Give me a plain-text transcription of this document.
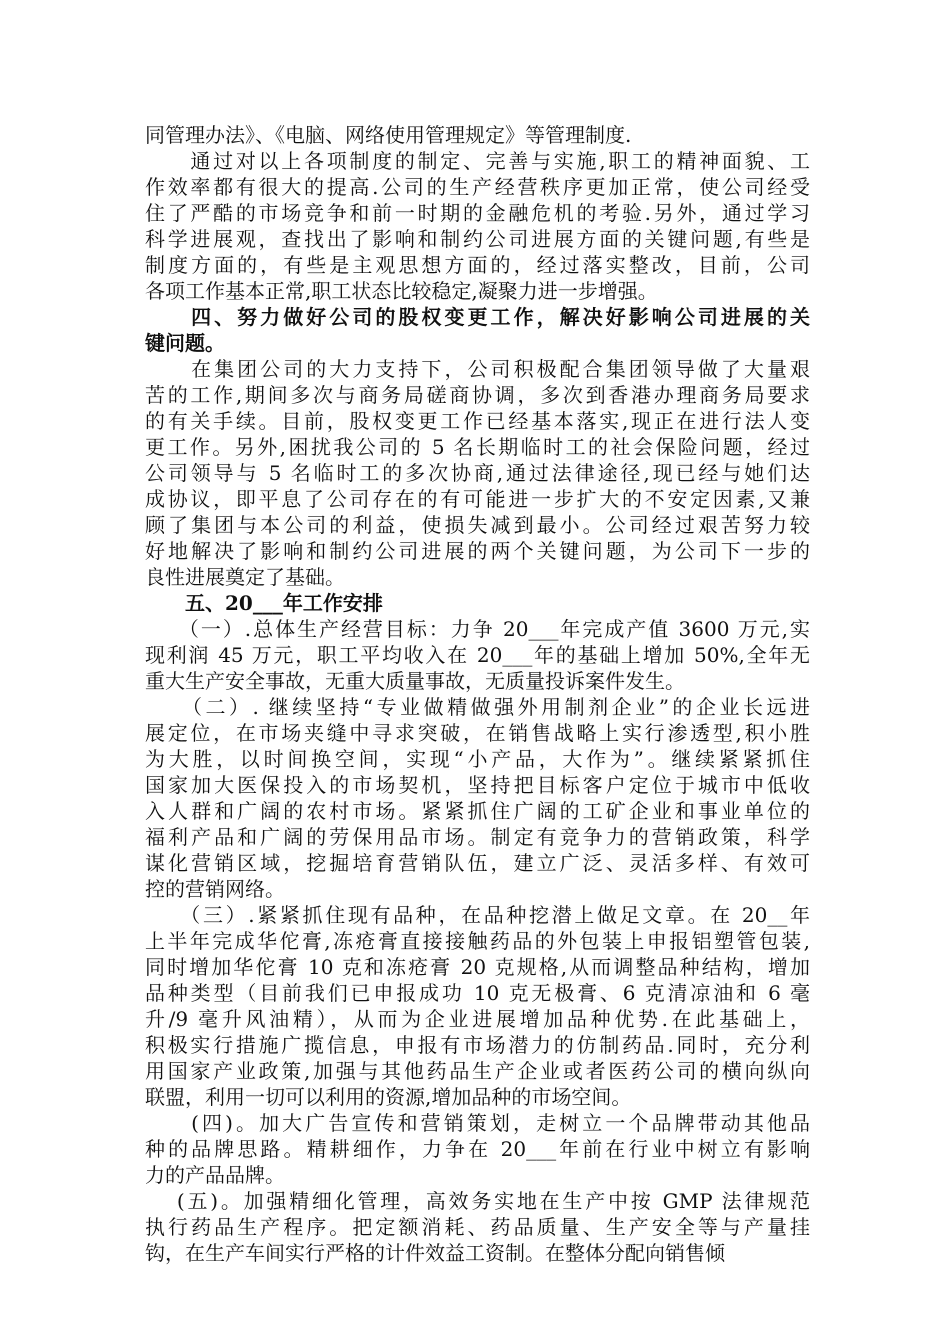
同管理办法》、《电脑、网络使用管理规定》等管理制度.
　　通过对以上各项制度的制定、完善与实施,职工的精神面貌、工
作效率都有很大的提高.公司的生产经营秩序更加正常，使公司经受
住了严酷的市场竞争和前一时期的金融危机的考验.另外，通过学习
科学进展观，查找出了影响和制约公司进展方面的关键问题,有些是
制度方面的，有些是主观思想方面的，经过落实整改，目前，公司
各项工作基本正常,职工状态比较稳定,凝聚力进一步增强。
　　四、努力做好公司的股权变更工作，解决好影响公司进展的关
键问题。
　　在集团公司的大力支持下，公司积极配合集团领导做了大量艰
苦的工作,期间多次与商务局磋商协调，多次到香港办理商务局要求
的有关手续。目前，股权变更工作已经基本落实,现正在进行法人变
更工作。另外,困扰我公司的 5 名长期临时工的社会保险问题，经过
公司领导与 5 名临时工的多次协商,通过法律途径,现已经与她们达
成协议，即平息了公司存在的有可能进一步扩大的不安定因素,又兼
顾了集团与本公司的利益，使损失减到最小。公司经过艰苦努力较
好地解决了影响和制约公司进展的两个关键问题，为公司下一步的
良性进展奠定了基础。
　　五、20___年工作安排
　　（一）.总体生产经营目标：力争 20___年完成产值 3600 万元,实
现利润 45 万元，职工平均收入在 20___年的基础上增加 50%,全年无
重大生产安全事故，无重大质量事故，无质量投诉案件发生。
　　（二）. 继续坚持“专业做精做强外用制剂企业”的企业长远进
展定位，在市场夹缝中寻求突破，在销售战略上实行渗透型,积小胜
为大胜，以时间换空间，实现“小产品，大作为”。继续紧紧抓住
国家加大医保投入的市场契机，坚持把目标客户定位于城市中低收
入人群和广阔的农村市场。紧紧抓住广阔的工矿企业和事业单位的
福利产品和广阔的劳保用品市场。制定有竞争力的营销政策，科学
谋化营销区域，挖掘培育营销队伍，建立广泛、灵活多样、有效可
控的营销网络。
　　（三）.紧紧抓住现有品种，在品种挖潜上做足文章。在 20__年
上半年完成华佗膏,冻疮膏直接接触药品的外包装上申报铝塑管包装,
同时增加华佗膏 10 克和冻疮膏 20 克规格,从而调整品种结构，增加
品种类型（目前我们已申报成功 10 克无极膏、6 克清凉油和 6 毫
升/9 毫升风油精），从而为企业进展增加品种优势.在此基础上，
积极实行措施广揽信息，申报有市场潜力的仿制药品.同时，充分利
用国家产业政策,加强与其他药品生产企业或者医药公司的横向纵向
联盟，利用一切可以利用的资源,增加品种的市场空间。
　　(四)。加大广告宣传和营销策划，走树立一个品牌带动其他品
种的品牌思路。精耕细作，力争在 20___年前在行业中树立有影响
力的产品品牌。
　 (五)。加强精细化管理，高效务实地在生产中按 GMP 法律规范
执行药品生产程序。把定额消耗、药品质量、生产安全等与产量挂
钩，在生产车间实行严格的计件效益工资制。在整体分配向销售倾
